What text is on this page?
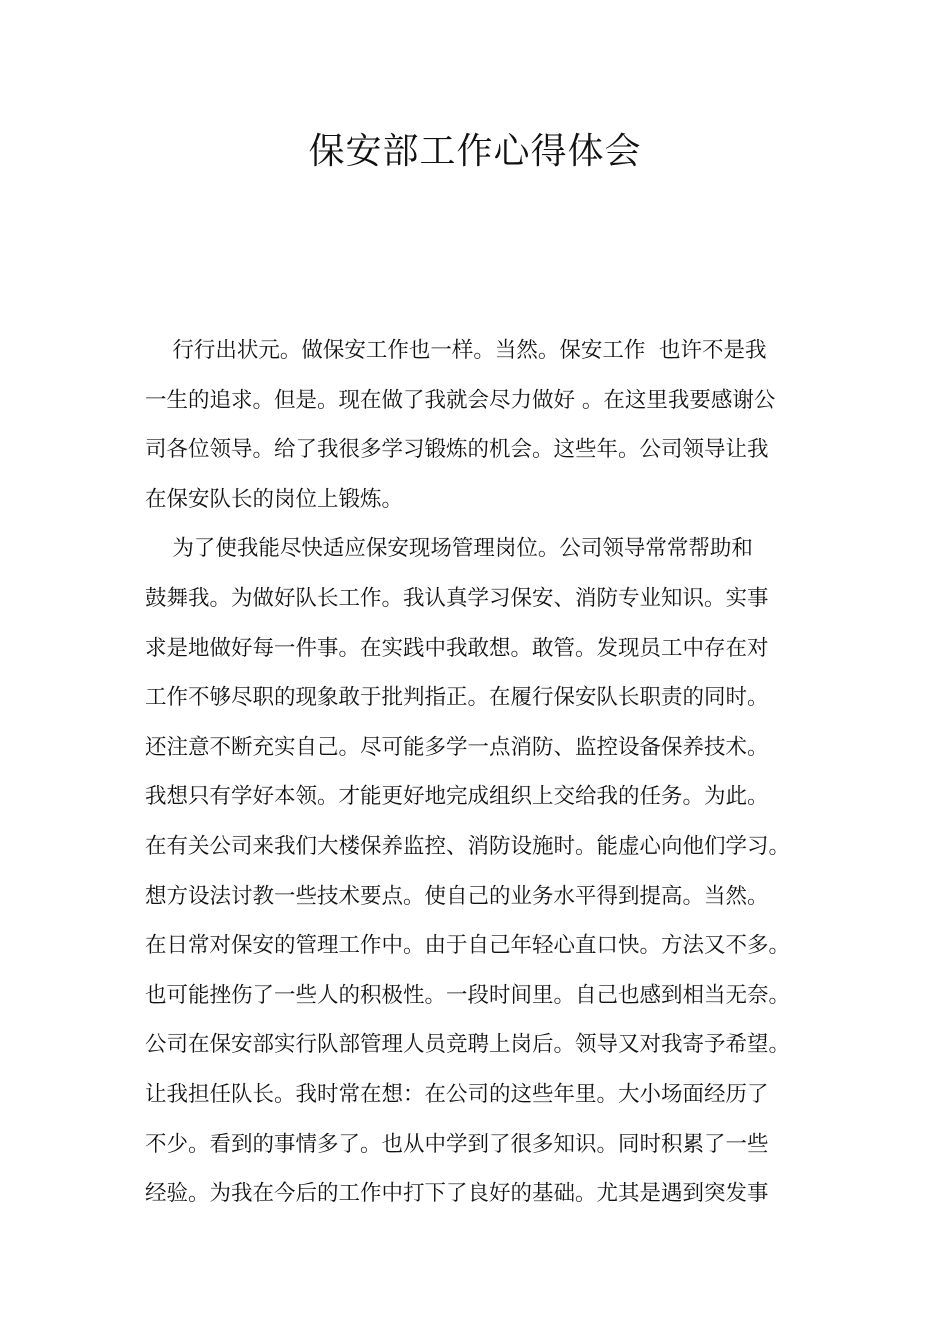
保安部工作心得体会
行行出状元。做保安工作也一样。当然。保安工作  也许不是我
一生的追求。但是。现在做了我就会尽力做好 。在这里我要感谢公
司各位领导。给了我很多学习锻炼的机会。这些年。公司领导让我
在保安队长的岗位上锻炼。
为了使我能尽快适应保安现场管理岗位。公司领导常常帮助和
鼓舞我。为做好队长工作。我认真学习保安、消防专业知识。实事
求是地做好每一件事。在实践中我敢想。敢管。发现员工中存在对
工作不够尽职的现象敢于批判指正。在履行保安队长职责的同时。
还注意不断充实自己。尽可能多学一点消防、监控设备保养技术。
我想只有学好本领。才能更好地完成组织上交给我的任务。为此。
在有关公司来我们大楼保养监控、消防设施时。能虚心向他们学习。
想方设法讨教一些技术要点。使自己的业务水平得到提高。当然。
在日常对保安的管理工作中。由于自己年轻心直口快。方法又不多。
也可能挫伤了一些人的积极性。一段时间里。自己也感到相当无奈。
公司在保安部实行队部管理人员竞聘上岗后。领导又对我寄予希望。
让我担任队长。我时常在想：在公司的这些年里。大小场面经历了
不少。看到的事情多了。也从中学到了很多知识。同时积累了一些
经验。为我在今后的工作中打下了良好的基础。尤其是遇到突发事
